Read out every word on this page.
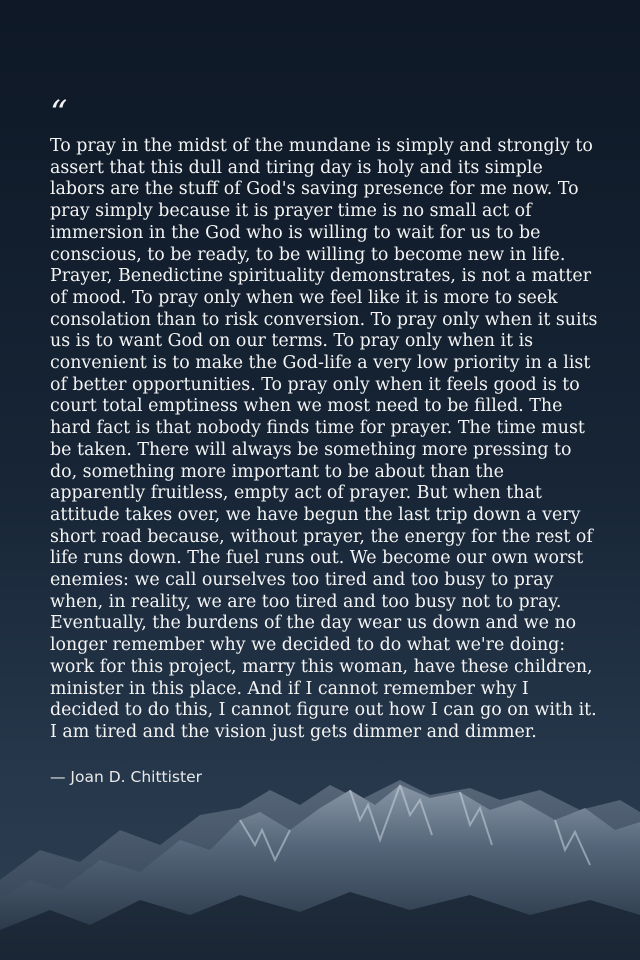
“

To pray in the midst of the mundane is simply and strongly to assert that this dull and tiring day is holy and its simple labors are the stuff of God's saving presence for me now. To pray simply because it is prayer time is no small act of immersion in the God who is willing to wait for us to be conscious, to be ready, to be willing to become new in life. Prayer, Benedictine spirituality demonstrates, is not a matter of mood. To pray only when we feel like it is more to seek consolation than to risk conversion. To pray only when it suits us is to want God on our terms. To pray only when it is convenient is to make the God-life a very low priority in a list of better opportunities. To pray only when it feels good is to court total emptiness when we most need to be filled. The hard fact is that nobody finds time for prayer. The time must be taken. There will always be something more pressing to do, something more important to be about than the apparently fruitless, empty act of prayer. But when that attitude takes over, we have begun the last trip down a very short road because, without prayer, the energy for the rest of life runs down. The fuel runs out. We become our own worst enemies: we call ourselves too tired and too busy to pray when, in reality, we are too tired and too busy not to pray. Eventually, the burdens of the day wear us down and we no longer remember why we decided to do what we're doing: work for this project, marry this woman, have these children, minister in this place. And if I cannot remember why I decided to do this, I cannot figure out how I can go on with it. I am tired and the vision just gets dimmer and dimmer.

— Joan D. Chittister
